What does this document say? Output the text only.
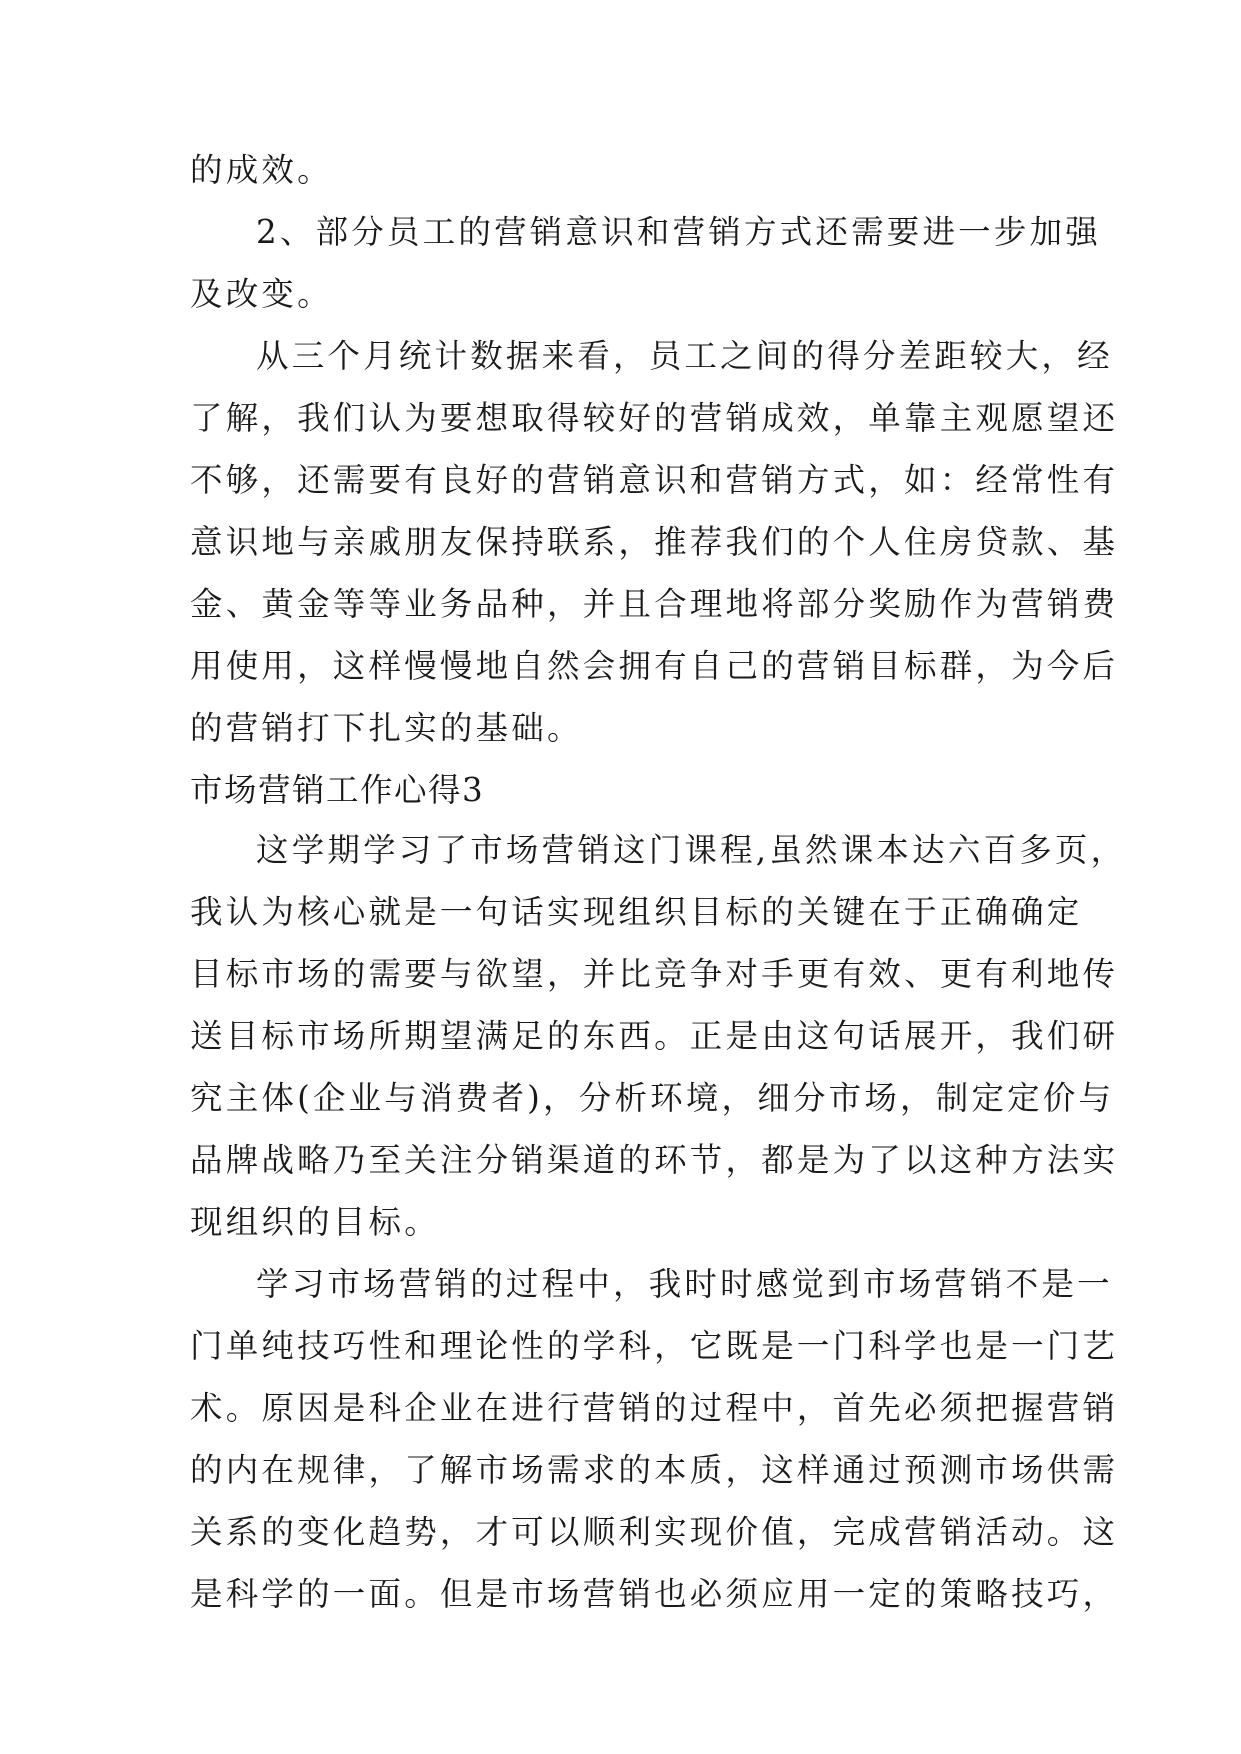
的成效。
2、部分员工的营销意识和营销方式还需要进一步加强
及改变。
从三个月统计数据来看，员工之间的得分差距较大，经
了解，我们认为要想取得较好的营销成效，单靠主观愿望还
不够，还需要有良好的营销意识和营销方式，如：经常性有
意识地与亲戚朋友保持联系，推荐我们的个人住房贷款、基
金、黄金等等业务品种，并且合理地将部分奖励作为营销费
用使用，这样慢慢地自然会拥有自己的营销目标群，为今后
的营销打下扎实的基础。
市场营销工作心得3
这学期学习了市场营销这门课程,虽然课本达六百多页，
我认为核心就是一句话实现组织目标的关键在于正确确定
目标市场的需要与欲望，并比竞争对手更有效、更有利地传
送目标市场所期望满足的东西。正是由这句话展开，我们研
究主体(企业与消费者)，分析环境，细分市场，制定定价与
品牌战略乃至关注分销渠道的环节，都是为了以这种方法实
现组织的目标。
学习市场营销的过程中，我时时感觉到市场营销不是一
门单纯技巧性和理论性的学科，它既是一门科学也是一门艺
术。原因是科企业在进行营销的过程中，首先必须把握营销
的内在规律，了解市场需求的本质，这样通过预测市场供需
关系的变化趋势，才可以顺利实现价值，完成营销活动。这
是科学的一面。但是市场营销也必须应用一定的策略技巧，
